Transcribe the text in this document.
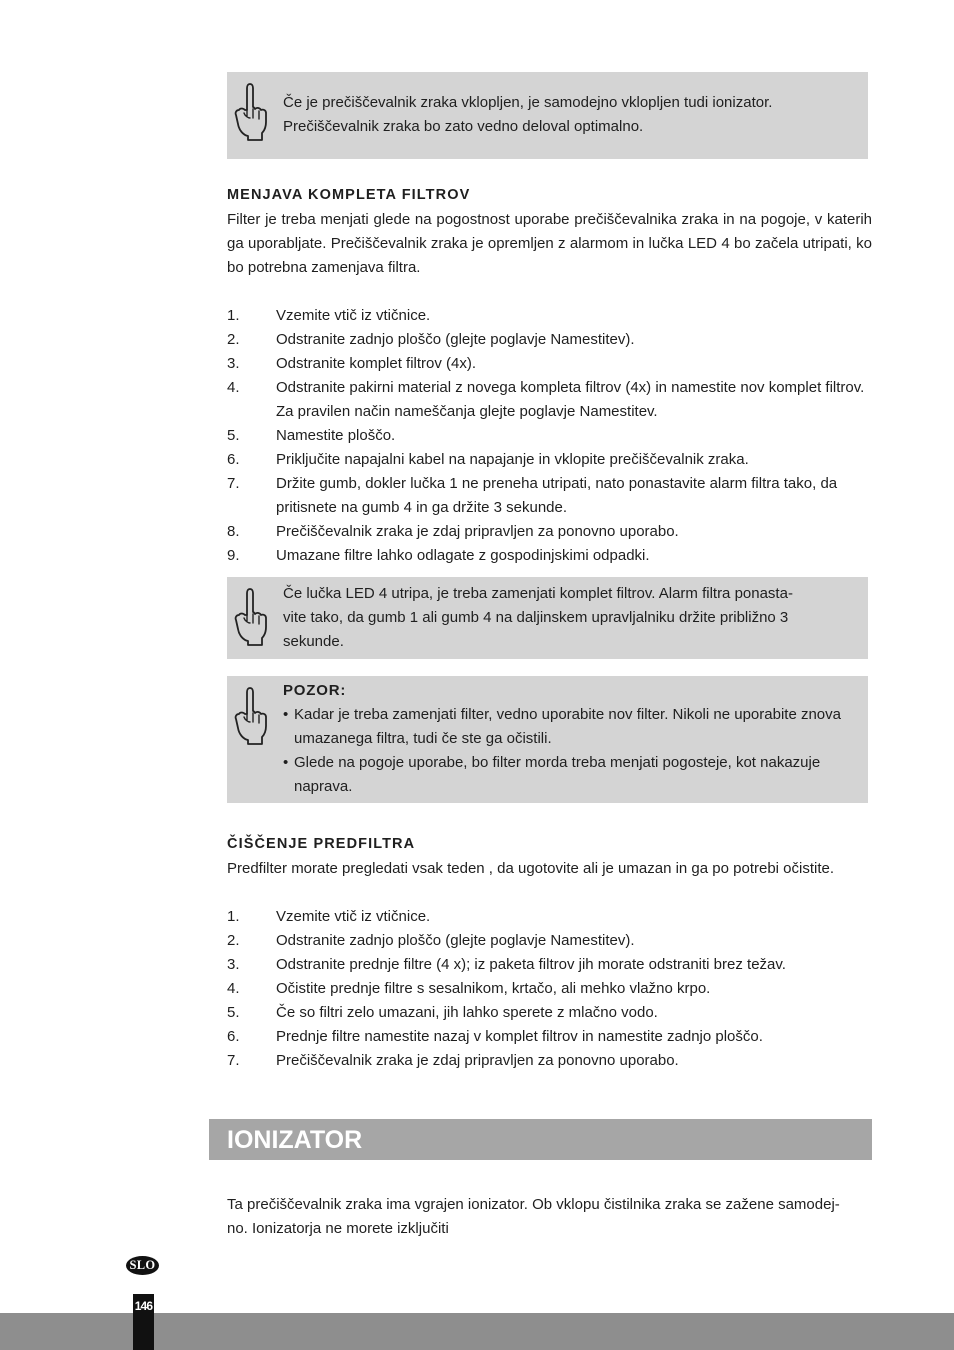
Če je prečiščevalnik zraka vklopljen, je samodejno vklopljen tudi ionizator.
Prečiščevalnik zraka bo zato vedno deloval optimalno.
MENJAVA KOMPLETA FILTROV
Filter je treba menjati glede na pogostnost uporabe prečiščevalnika zraka in na pogoje, v katerih ga uporabljate. Prečiščevalnik zraka je opremljen z alarmom in lučka LED 4 bo začela utripati, ko bo potrebna zamenjava filtra.
1. Vzemite vtič iz vtičnice.
2. Odstranite zadnjo ploščo (glejte poglavje Namestitev).
3. Odstranite komplet filtrov (4x).
4. Odstranite pakirni material z novega kompleta filtrov (4x) in namestite nov komplet filtrov. Za pravilen način nameščanja glejte poglavje Namestitev.
5. Namestite ploščo.
6. Priključite napajalni kabel na napajanje in vklopite prečiščevalnik zraka.
7. Držite gumb, dokler lučka 1 ne preneha utripati, nato ponastavite alarm filtra tako, da pritisnete na gumb 4 in ga držite 3 sekunde.
8. Prečiščevalnik zraka je zdaj pripravljen za ponovno uporabo.
9. Umazane filtre lahko odlagate z gospodinjskimi odpadki.
Če lučka LED 4 utripa, je treba zamenjati komplet filtrov. Alarm filtra ponasta-
vite tako, da gumb 1 ali gumb 4 na daljinskem upravljalniku držite približno 3
sekunde.
POZOR:
• Kadar je treba zamenjati filter, vedno uporabite nov filter. Nikoli ne uporabite znova umazanega filtra, tudi če ste ga očistili.
• Glede na pogoje uporabe, bo filter morda treba menjati pogosteje, kot nakazuje naprava.
ČIŠČENJE PREDFILTRA
Predfilter morate pregledati vsak teden , da ugotovite ali je umazan in ga po potrebi očistite.
1. Vzemite vtič iz vtičnice.
2. Odstranite zadnjo ploščo (glejte poglavje Namestitev).
3. Odstranite prednje filtre (4 x); iz paketa filtrov jih morate odstraniti brez težav.
4. Očistite prednje filtre s sesalnikom, krtačo, ali mehko vlažno krpo.
5. Če so filtri zelo umazani, jih lahko sperete z mlačno vodo.
6. Prednje filtre namestite nazaj v komplet filtrov in namestite zadnjo ploščo.
7. Prečiščevalnik zraka je zdaj pripravljen za ponovno uporabo.
IONIZATOR
Ta prečiščevalnik zraka ima vgrajen ionizator. Ob vklopu čistilnika zraka se zažene samodej-
no. Ionizatorja ne morete izključiti
SLO
146
